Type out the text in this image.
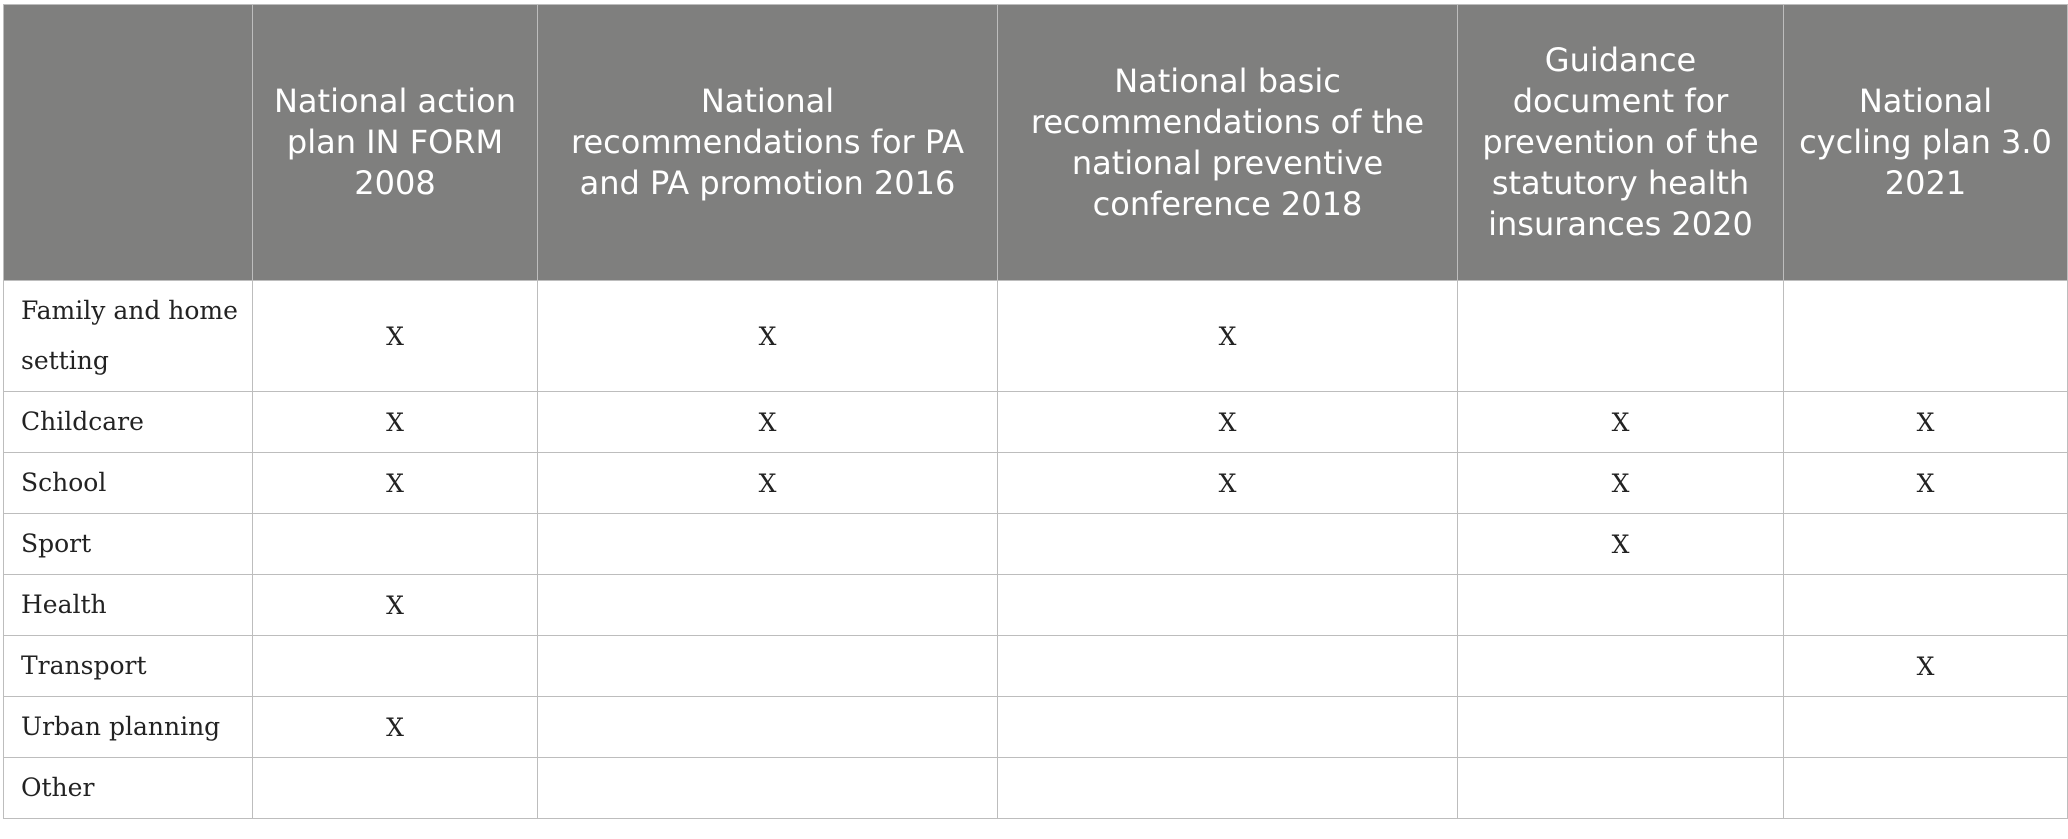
	National action plan IN FORM 2008	National recommendations for PA and PA promotion 2016	National basic recommendations of the national preventive conference 2018	Guidance document for prevention of the statutory health insurances 2020	National cycling plan 3.0 2021
Family and home setting	X	X	X		
Childcare	X	X	X	X	X
School	X	X	X	X	X
Sport				X	
Health	X				
Transport					X
Urban planning	X				
Other					
